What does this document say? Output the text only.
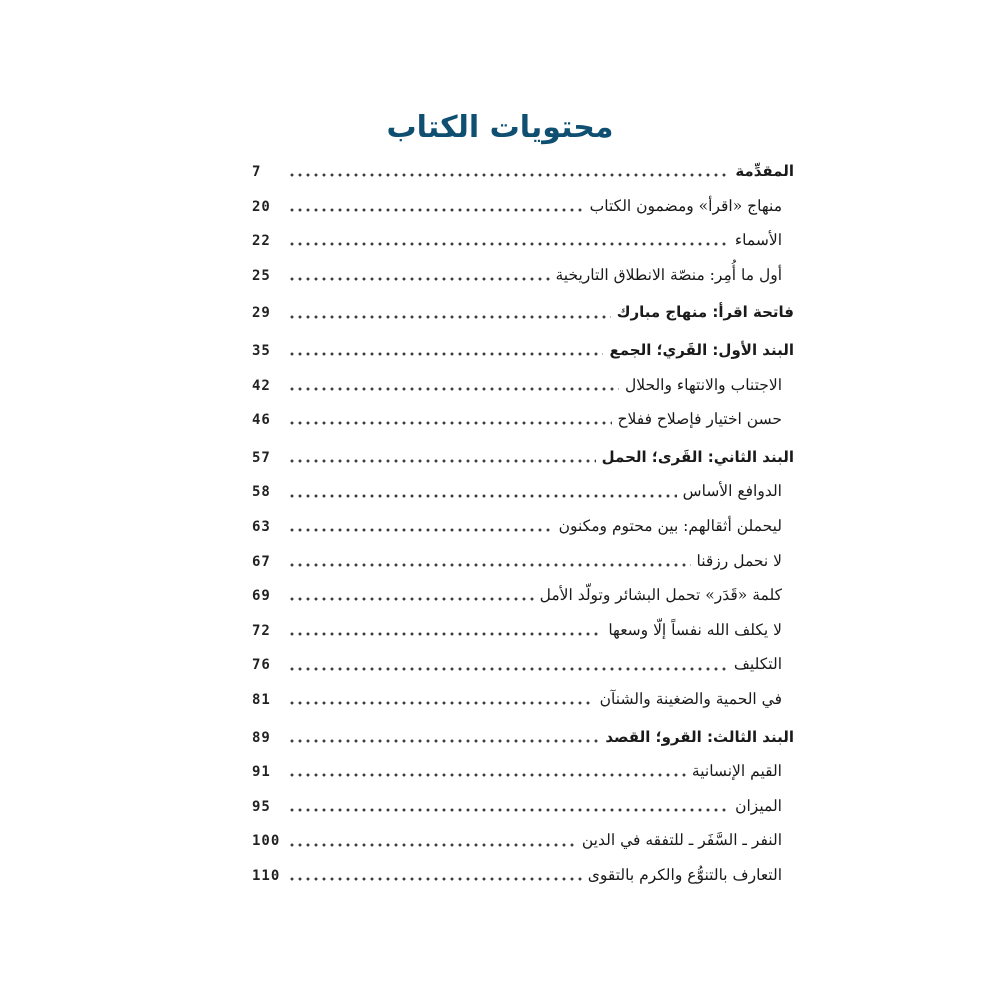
محتويات الكتاب
المقدِّمة
7
منهاج «اقرأ» ومضمون الكتاب
20
الأسماء
22
أول ما أُمِر: منصّة الانطلاق التاريخية
25
فاتحة اقرأ: منهاج مبارك
29
البند الأول: القَري؛ الجمع
35
الاجتناب والانتهاء والحلال
42
حسن اختيار فإصلاح ففلاح
46
البند الثاني: القَرى؛ الحمل
57
الدوافع الأساس
58
ليحملن أثقالهم: بين محتوم ومكنون
63
لا نحمل رزقنا
67
كلمة «قَدَر» تحمل البشائر وتولّد الأمل
69
لا يكلف الله نفساً إلّا وسعها
72
التكليف
76
في الحمية والضغينة والشنآن
81
البند الثالث: القرو؛ القصد
89
القيم الإنسانية
91
الميزان
95
النفر ـ السَّفَر ـ للتفقه في الدين
100
التعارف بالتنوُّع والكرم بالتقوى
110
